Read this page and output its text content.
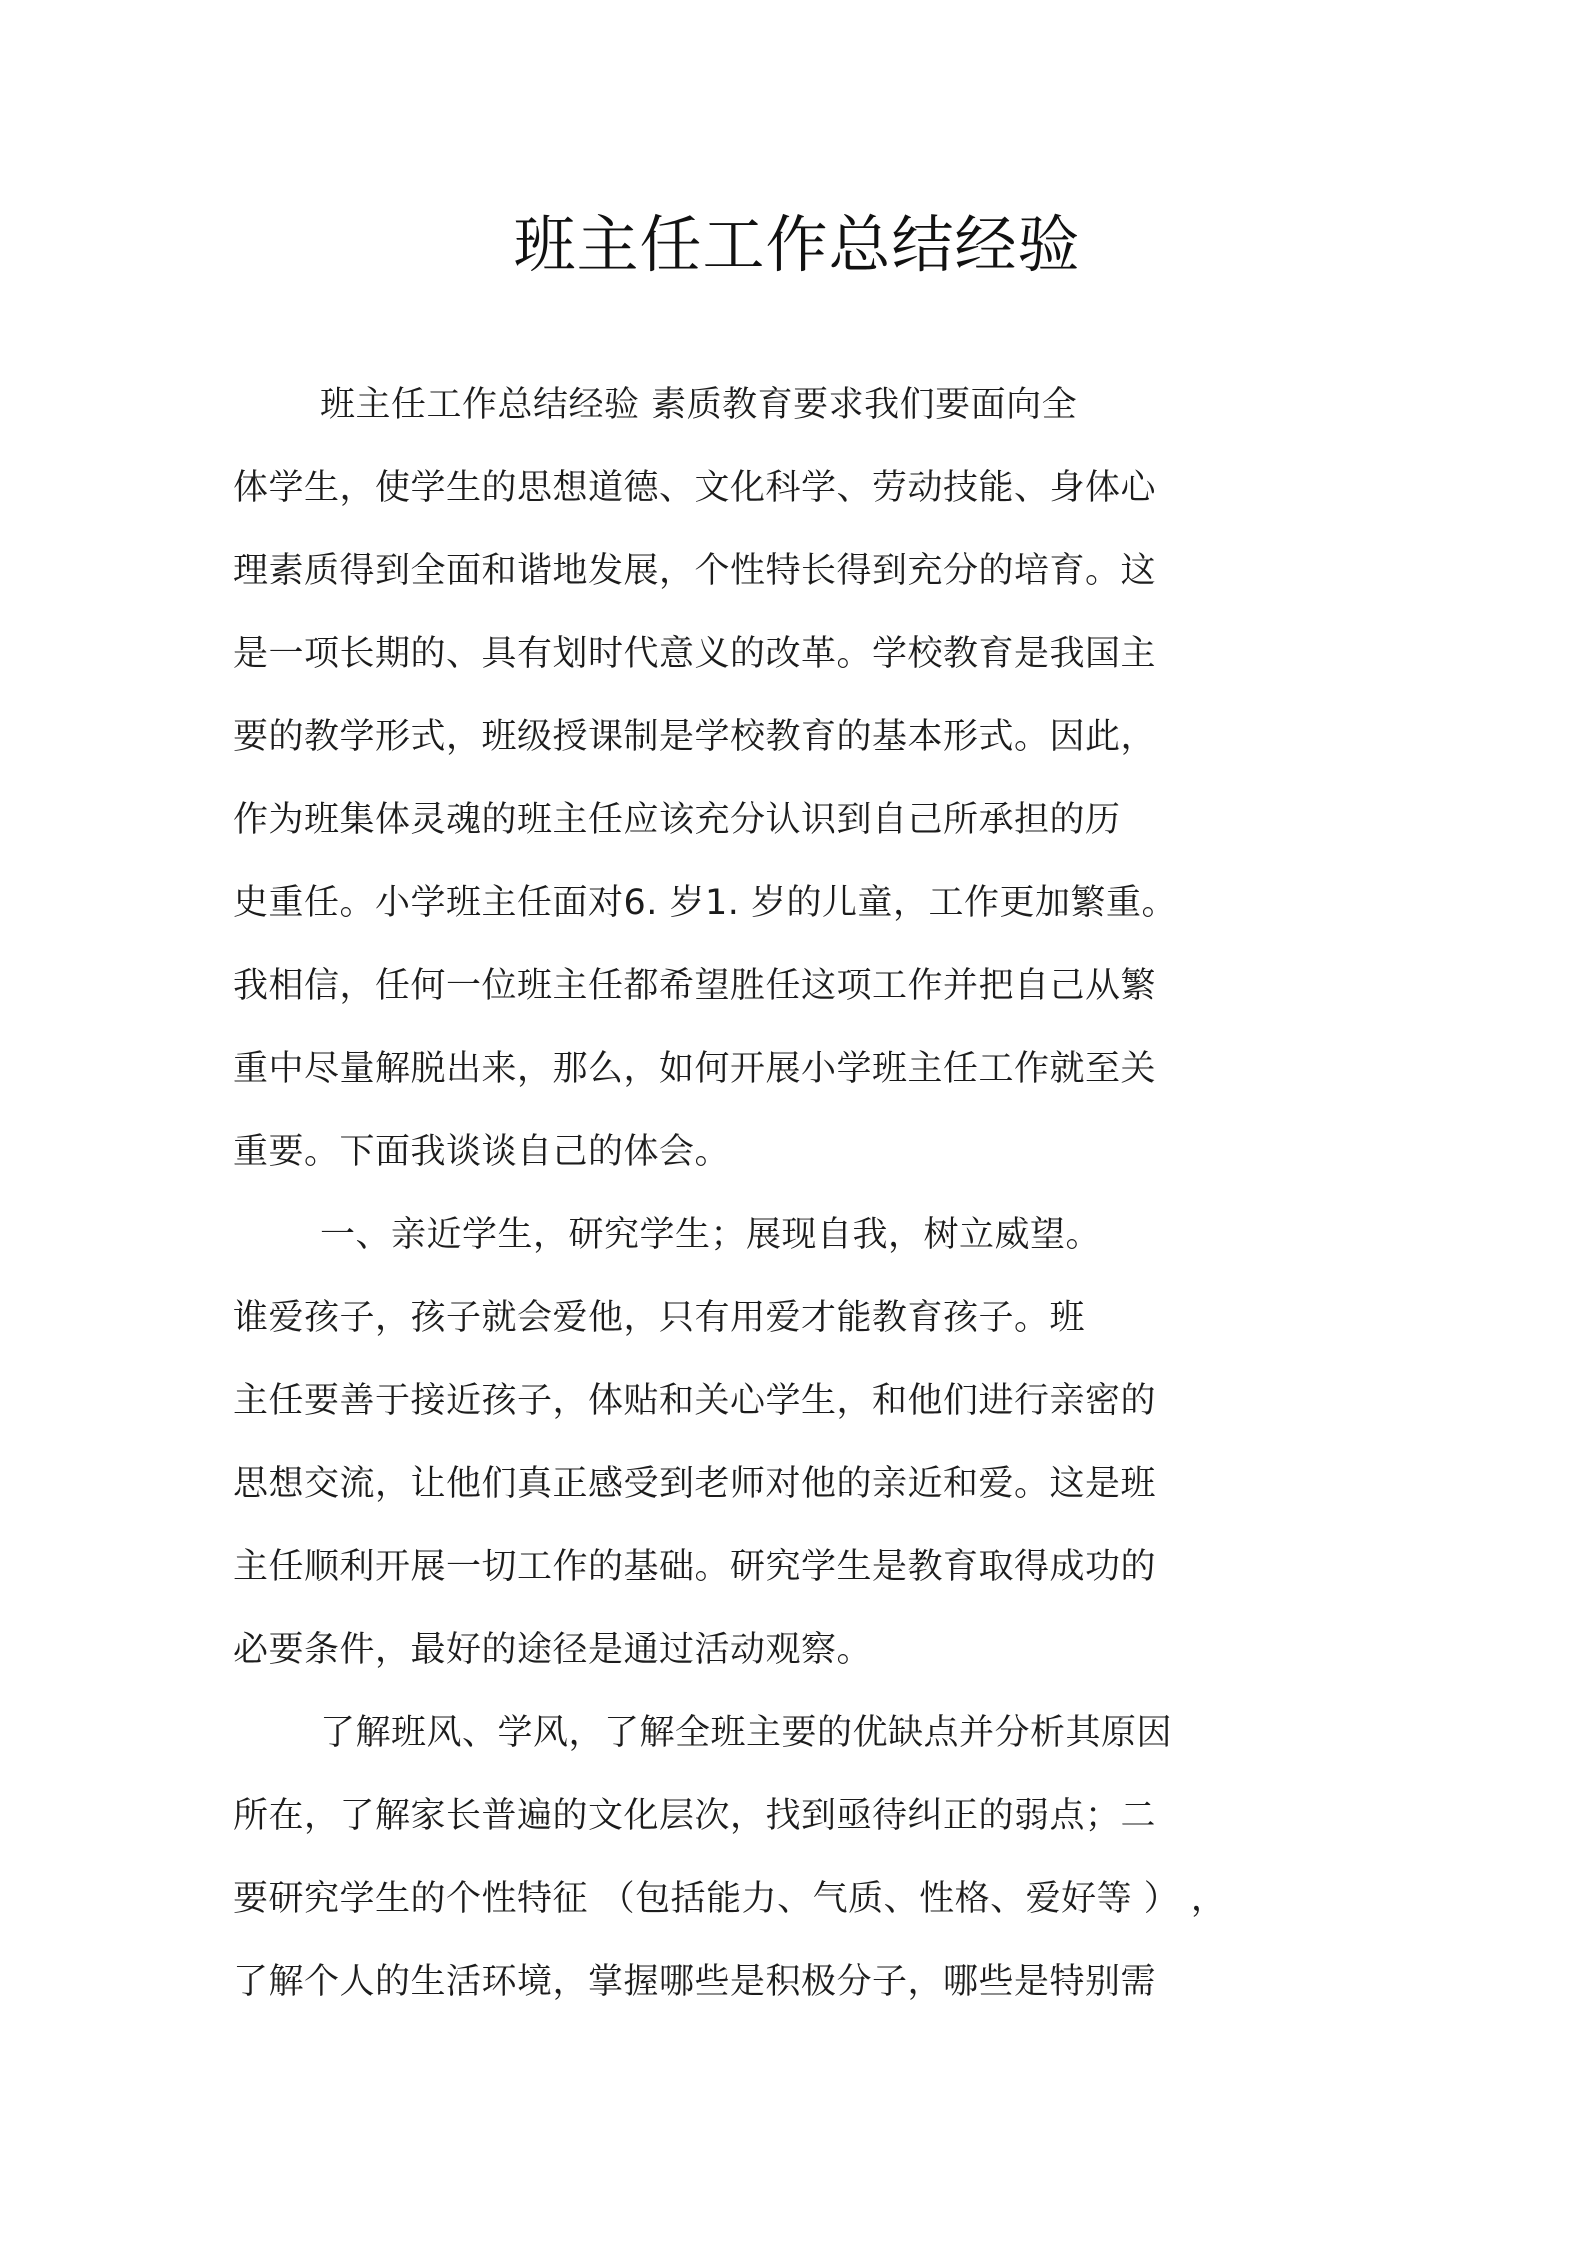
班主任工作总结经验
班主任工作总结经验 素质教育要求我们要面向全
体学生，使学生的思想道德、文化科学、劳动技能、身体心
理素质得到全面和谐地发展，个性特长得到充分的培育。这
是一项长期的、具有划时代意义的改革。学校教育是我国主
要的教学形式，班级授课制是学校教育的基本形式。因此，
作为班集体灵魂的班主任应该充分认识到自己所承担的历
史重任。小学班主任面对6. 岁1. 岁的儿童，工作更加繁重。
我相信，任何一位班主任都希望胜任这项工作并把自己从繁
重中尽量解脱出来，那么，如何开展小学班主任工作就至关
重要。下面我谈谈自己的体会。
一、亲近学生，研究学生；展现自我，树立威望。
谁爱孩子，孩子就会爱他，只有用爱才能教育孩子。班
主任要善于接近孩子，体贴和关心学生，和他们进行亲密的
思想交流，让他们真正感受到老师对他的亲近和爱。这是班
主任顺利开展一切工作的基础。研究学生是教育取得成功的
必要条件，最好的途径是通过活动观察。
了解班风、学风，了解全班主要的优缺点并分析其原因
所在，了解家长普遍的文化层次，找到亟待纠正的弱点；二
要研究学生的个性特征 （包括能力、气质、性格、爱好等 ） ，
了解个人的生活环境，掌握哪些是积极分子，哪些是特别需
